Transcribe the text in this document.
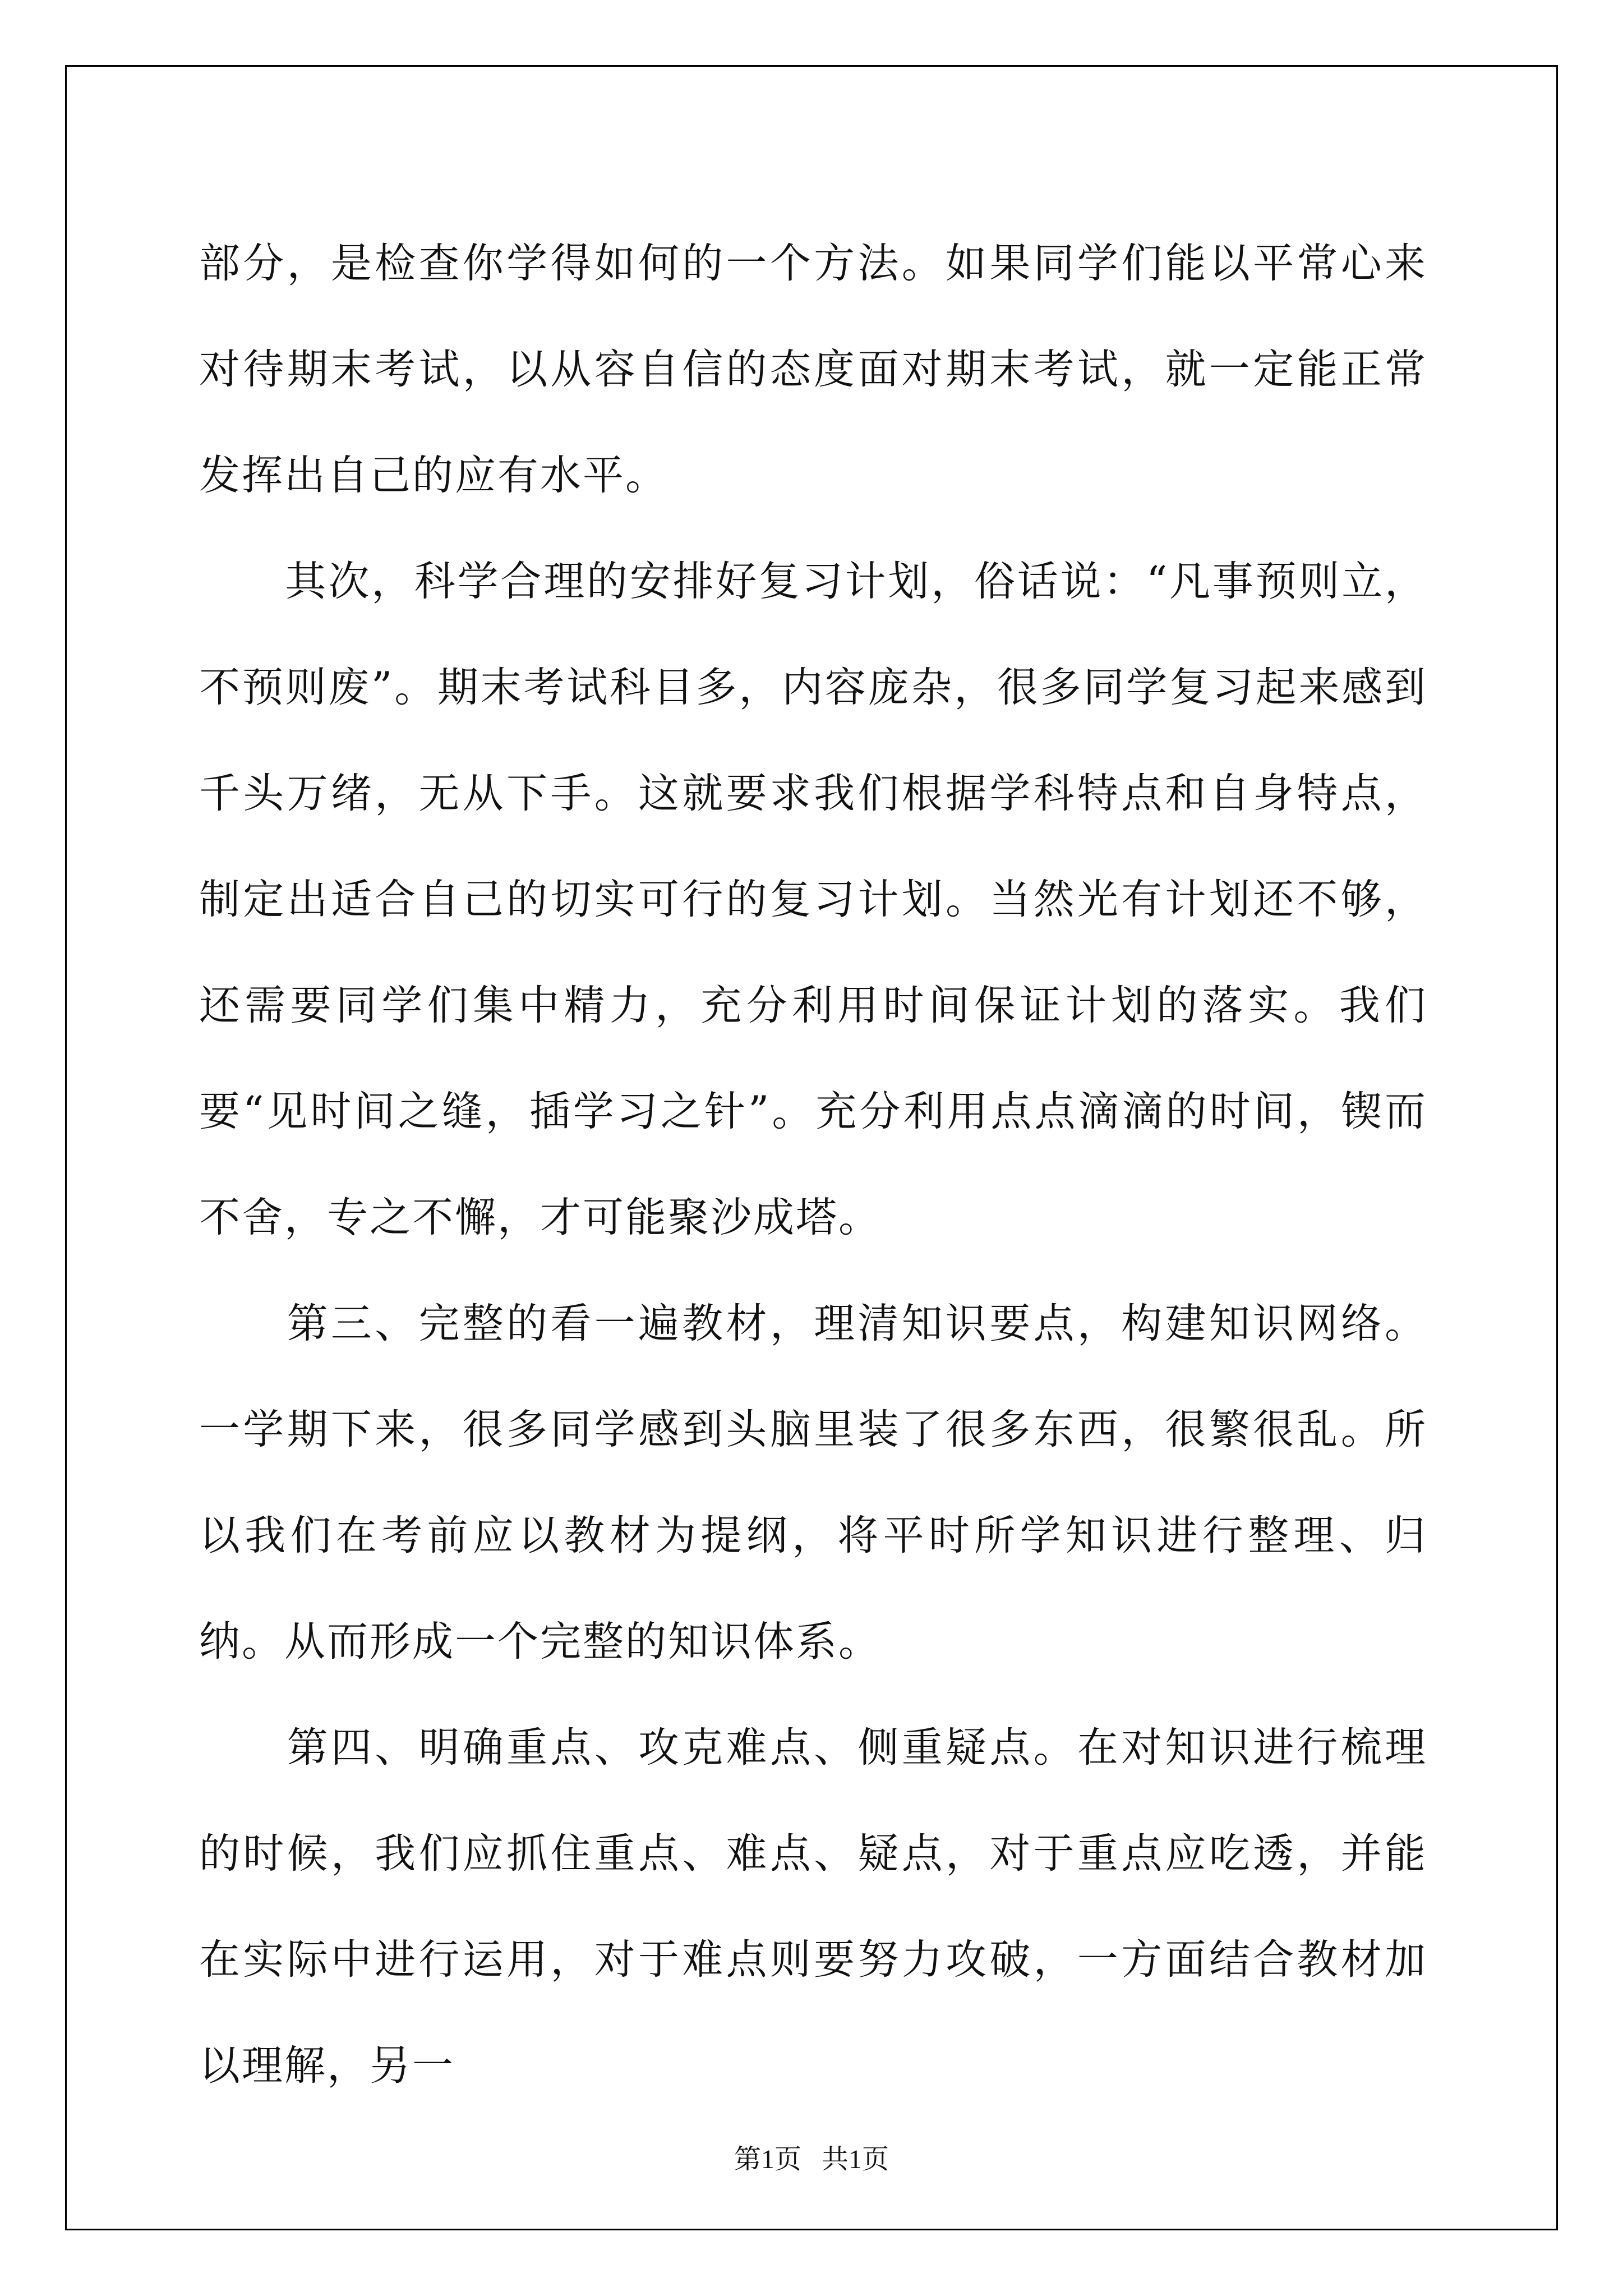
部分，是检查你学得如何的一个方法。如果同学们能以平常心来对待期末考试，以从容自信的态度面对期末考试，就一定能正常发挥出自己的应有水平。

　　其次，科学合理的安排好复习计划，俗话说：“凡事预则立，不预则废”。期末考试科目多，内容庞杂，很多同学复习起来感到千头万绪，无从下手。这就要求我们根据学科特点和自身特点，制定出适合自己的切实可行的复习计划。当然光有计划还不够，还需要同学们集中精力，充分利用时间保证计划的落实。我们要“见时间之缝，插学习之针”。充分利用点点滴滴的时间，锲而不舍，专之不懈，才可能聚沙成塔。

　　第三、完整的看一遍教材，理清知识要点，构建知识网络。一学期下来，很多同学感到头脑里装了很多东西，很繁很乱。所以我们在考前应以教材为提纲，将平时所学知识进行整理、归纳。从而形成一个完整的知识体系。

　　第四、明确重点、攻克难点、侧重疑点。在对知识进行梳理的时候，我们应抓住重点、难点、疑点，对于重点应吃透，并能在实际中进行运用，对于难点则要努力攻破，一方面结合教材加以理解，另一

第1页 共1页
